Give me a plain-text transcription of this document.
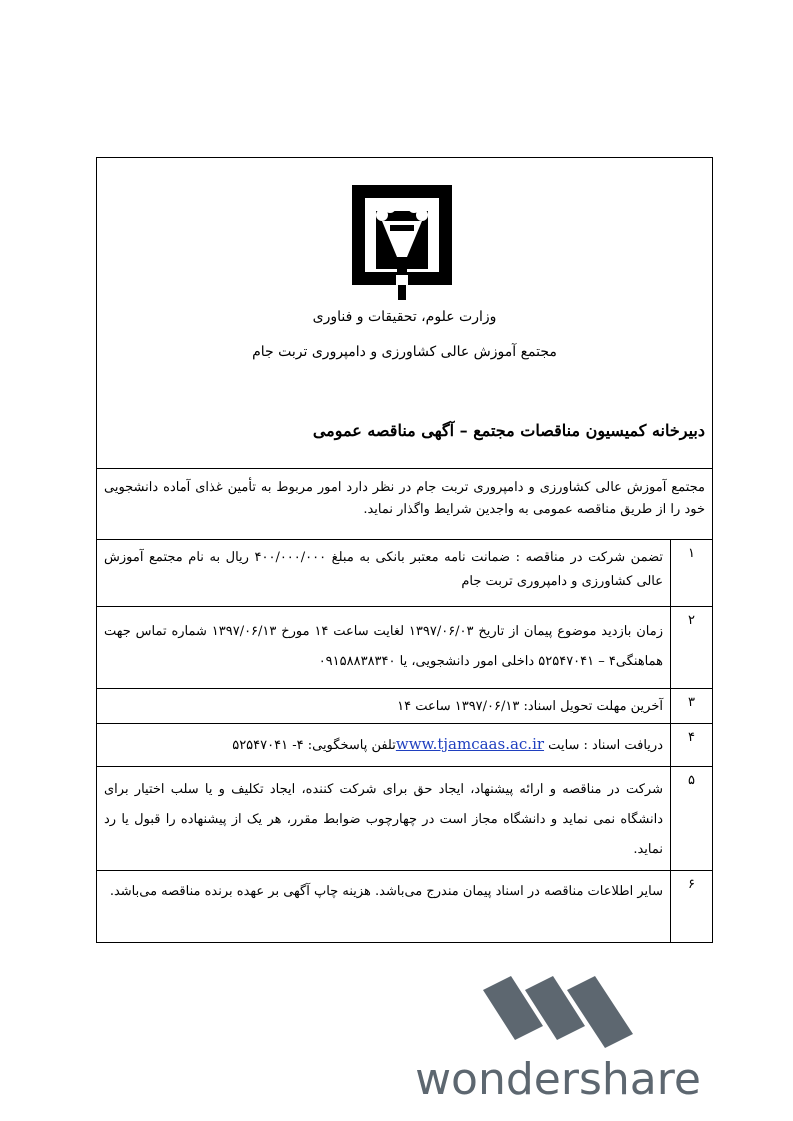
وزارت علوم، تحقیقات و فناوری
مجتمع آموزش عالی کشاورزی و دامپروری تربت جام
دبیرخانه کمیسیون مناقصات مجتمع – آگهی مناقصه عمومی
مجتمع آموزش عالی کشاورزی و دامپروری تربت جام در نظر دارد امور مربوط به تأمین غذای آماده دانشجویی خود را از طریق مناقصه عمومی به واجدین شرایط واگذار نماید.
۱
تضمن شرکت در مناقصه : ضمانت نامه معتبر بانکی به مبلغ ۴۰۰/۰۰۰/۰۰۰ ریال به نام مجتمع آموزش عالی کشاورزی و دامپروری تربت جام
۲
زمان بازدید موضوع پیمان از تاریخ ۱۳۹۷/۰۶/۰۳ لغایت ساعت ۱۴ مورخ ۱۳۹۷/۰۶/۱۳ شماره تماس جهت هماهنگی۴ – ۵۲۵۴۷۰۴۱ داخلی امور دانشجویی، یا ۰۹۱۵۸۸۳۸۳۴۰
۳
آخرین مهلت تحویل اسناد: ۱۳۹۷/۰۶/۱۳ ساعت ۱۴
۴
دریافت اسناد : سایت www.tjamcaas.ac.irتلفن پاسخگویی: ۴- ۵۲۵۴۷۰۴۱
۵
شرکت در مناقصه و ارائه پیشنهاد، ایجاد حق برای شرکت کننده، ایجاد تکلیف و یا سلب اختیار برای دانشگاه نمی نماید و دانشگاه مجاز است در چهارچوب ضوابط مقرر، هر یک از پیشنهاده را قبول یا رد نماید.
۶
سایر اطلاعات مناقصه در اسناد پیمان مندرج می‌باشد. هزینه چاپ آگهی بر عهده برنده مناقصه می‌باشد.
wondershare
